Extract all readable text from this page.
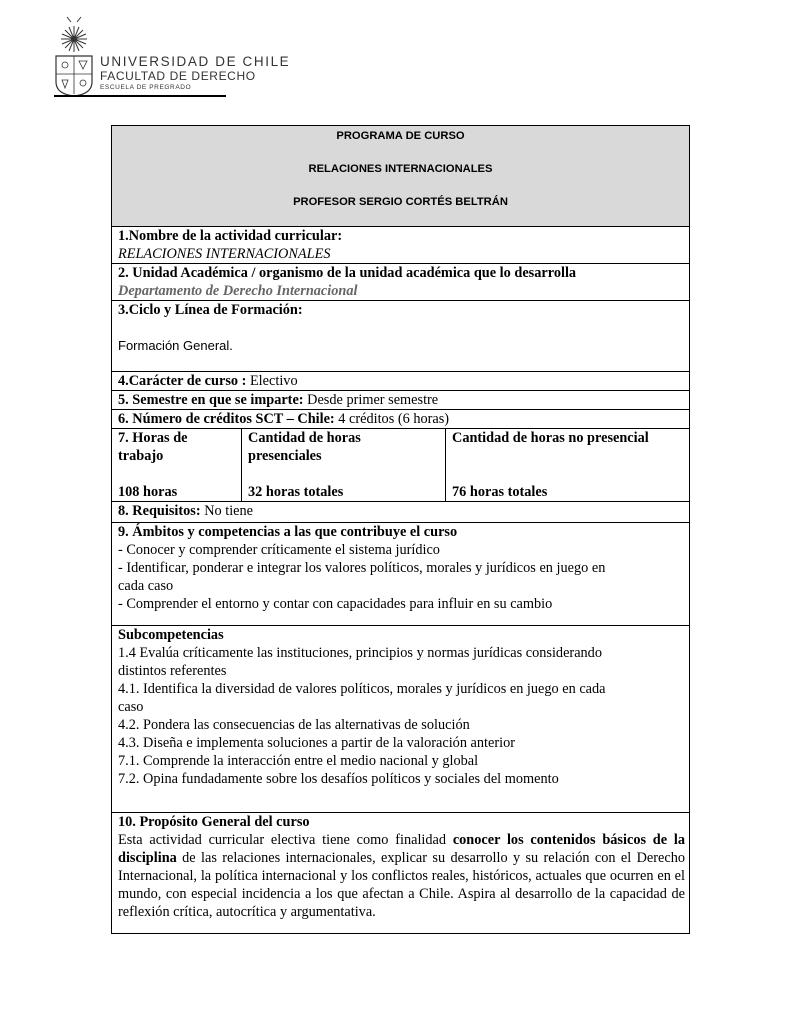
UNIVERSIDAD DE CHILE
FACULTAD DE DERECHO
ESCUELA DE PREGRADO
PROGRAMA DE CURSO
RELACIONES INTERNACIONALES
PROFESOR SERGIO CORTÉS BELTRÁN

1.Nombre de la actividad curricular:
RELACIONES INTERNACIONALES

2. Unidad Académica / organismo de la unidad académica que lo desarrolla
Departamento de Derecho Internacional

3.Ciclo y Línea de Formación:
Formación General.

4.Carácter de curso : Electivo
5. Semestre en que se imparte: Desde primer semestre
6. Número de créditos SCT – Chile: 4 créditos (6 horas)

7. Horas de
trabajo
108 horas

Cantidad de horas
presenciales
32 horas totales

Cantidad de horas no presencial
76 horas totales

8. Requisitos: No tiene

9. Ámbitos y competencias a las que contribuye el curso
- Conocer y comprender críticamente el sistema jurídico
- Identificar, ponderar e integrar los valores políticos, morales y jurídicos en juego en
cada caso
- Comprender el entorno y contar con capacidades para influir en su cambio

Subcompetencias
1.4 Evalúa críticamente las instituciones, principios y normas jurídicas considerando
distintos referentes
4.1. Identifica la diversidad de valores políticos, morales y jurídicos en juego en cada
caso
4.2. Pondera las consecuencias de las alternativas de solución
4.3. Diseña e implementa soluciones a partir de la valoración anterior
7.1. Comprende la interacción entre el medio nacional y global
7.2. Opina fundadamente sobre los desafíos políticos y sociales del momento

10. Propósito General del curso
Esta actividad curricular electiva tiene como finalidad conocer los contenidos básicos de la disciplina de las relaciones internacionales, explicar su desarrollo y su relación con el Derecho Internacional, la política internacional y los conflictos reales, históricos, actuales que ocurren en el mundo, con especial incidencia a los que afectan a Chile. Aspira al desarrollo de la capacidad de reflexión crítica, autocrítica y argumentativa.
